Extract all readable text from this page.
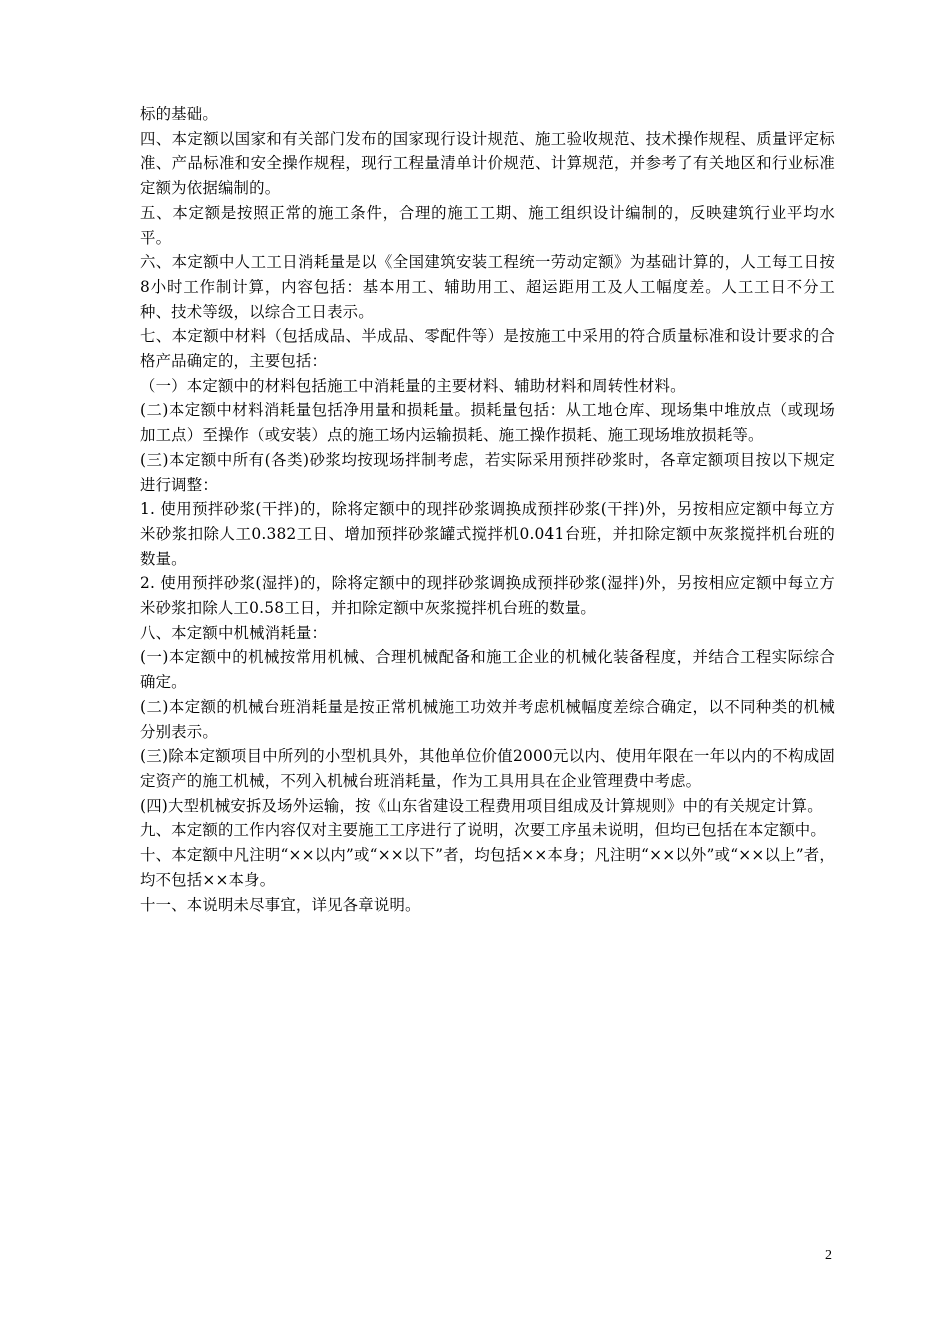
标的基础。

四、本定额以国家和有关部门发布的国家现行设计规范、施工验收规范、技术操作规程、质量评定标准、产品标准和安全操作规程，现行工程量清单计价规范、计算规范，并参考了有关地区和行业标准定额为依据编制的。

五、本定额是按照正常的施工条件，合理的施工工期、施工组织设计编制的，反映建筑行业平均水平。

六、本定额中人工工日消耗量是以《全国建筑安装工程统一劳动定额》为基础计算的，人工每工日按8小时工作制计算，内容包括：基本用工、辅助用工、超运距用工及人工幅度差。人工工日不分工种、技术等级，以综合工日表示。

七、本定额中材料（包括成品、半成品、零配件等）是按施工中采用的符合质量标准和设计要求的合格产品确定的，主要包括：

（一）本定额中的材料包括施工中消耗量的主要材料、辅助材料和周转性材料。

(二)本定额中材料消耗量包括净用量和损耗量。损耗量包括：从工地仓库、现场集中堆放点（或现场加工点）至操作（或安装）点的施工场内运输损耗、施工操作损耗、施工现场堆放损耗等。

(三)本定额中所有(各类)砂浆均按现场拌制考虑，若实际采用预拌砂浆时，各章定额项目按以下规定进行调整：

1. 使用预拌砂浆(干拌)的，除将定额中的现拌砂浆调换成预拌砂浆(干拌)外，另按相应定额中每立方米砂浆扣除人工0.382工日、增加预拌砂浆罐式搅拌机0.041台班，并扣除定额中灰浆搅拌机台班的数量。

2. 使用预拌砂浆(湿拌)的，除将定额中的现拌砂浆调换成预拌砂浆(湿拌)外，另按相应定额中每立方米砂浆扣除人工0.58工日，并扣除定额中灰浆搅拌机台班的数量。

八、本定额中机械消耗量：

(一)本定额中的机械按常用机械、合理机械配备和施工企业的机械化装备程度，并结合工程实际综合确定。

(二)本定额的机械台班消耗量是按正常机械施工功效并考虑机械幅度差综合确定，以不同种类的机械分别表示。

(三)除本定额项目中所列的小型机具外，其他单位价值2000元以内、使用年限在一年以内的不构成固定资产的施工机械，不列入机械台班消耗量，作为工具用具在企业管理费中考虑。

(四)大型机械安拆及场外运输，按《山东省建设工程费用项目组成及计算规则》中的有关规定计算。

九、本定额的工作内容仅对主要施工工序进行了说明，次要工序虽未说明，但均已包括在本定额中。

十、本定额中凡注明“××以内”或“××以下”者，均包括××本身；凡注明“××以外”或“××以上”者，均不包括××本身。

十一、本说明未尽事宜，详见各章说明。

2
